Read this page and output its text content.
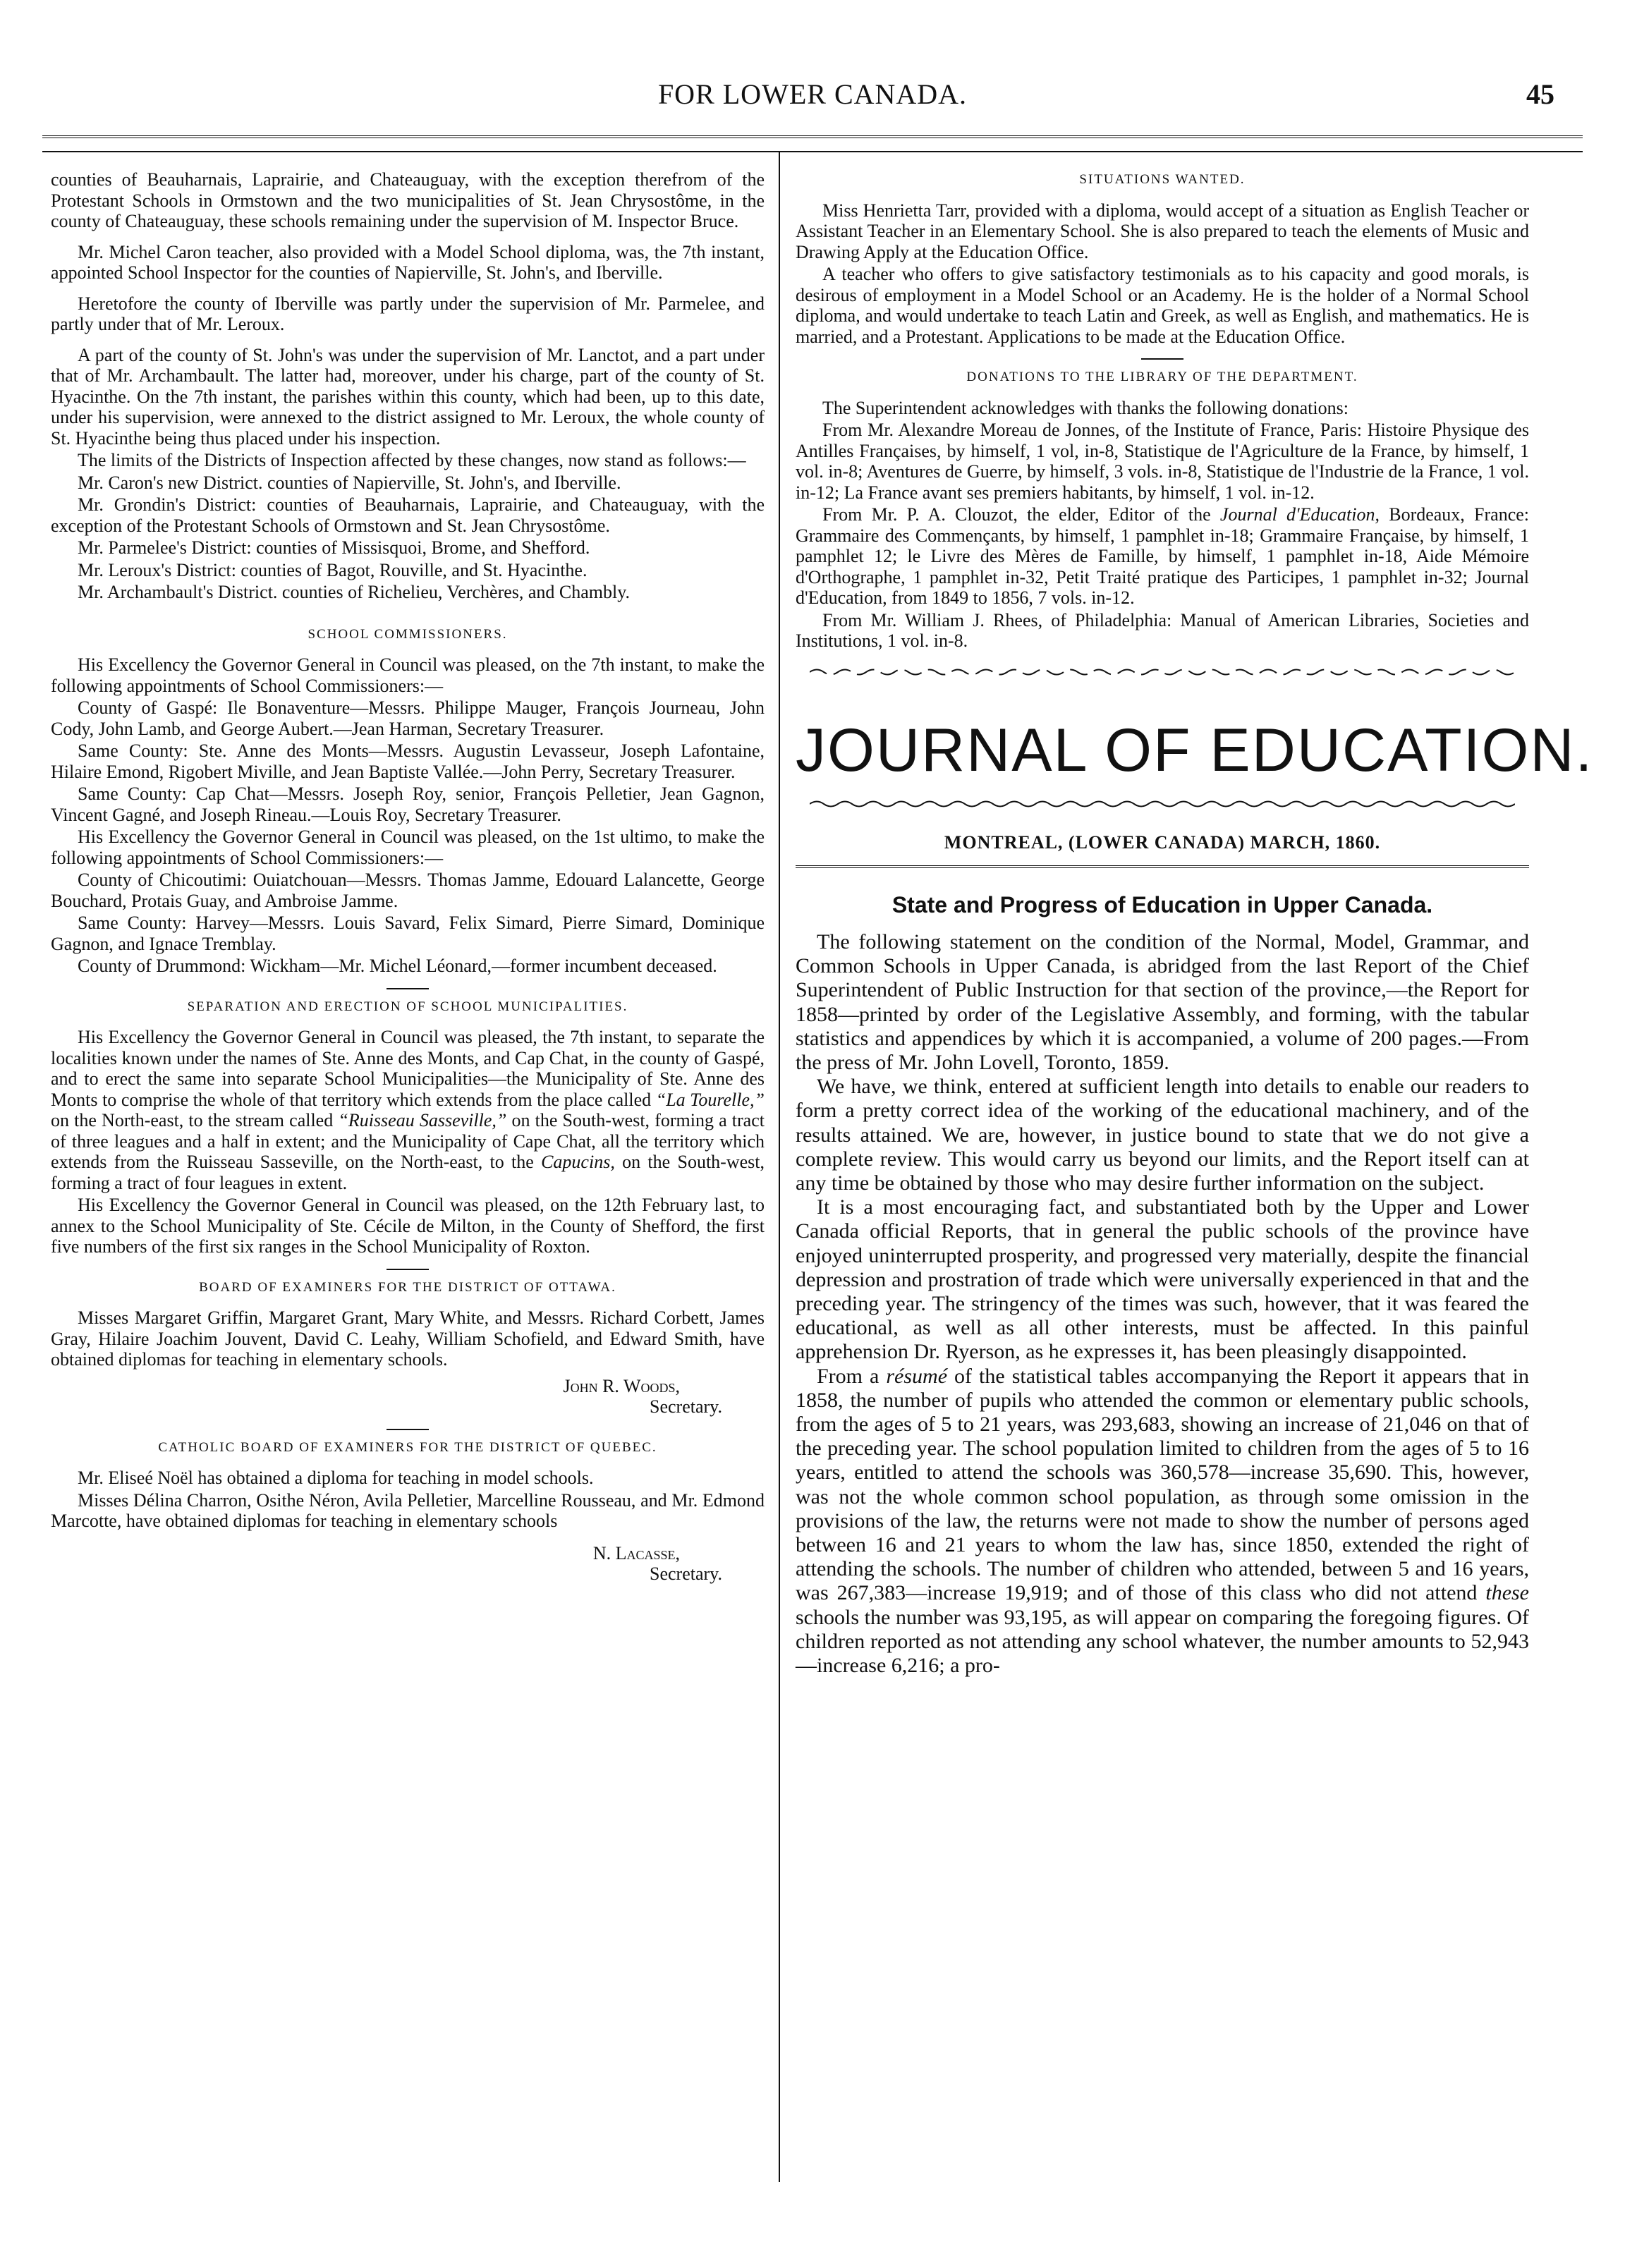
FOR LOWER CANADA.	45

counties of Beauharnais, Laprairie, and Chateauguay, with the exception therefrom of the Protestant Schools in Ormstown and the two municipalities of St. Jean Chrysostôme, in the county of Chateauguay, these schools remaining under the supervision of M. Inspector Bruce.

Mr. Michel Caron teacher, also provided with a Model School diploma, was, the 7th instant, appointed School Inspector for the counties of Napierville, St. John's, and Iberville.

Heretofore the county of Iberville was partly under the supervision of Mr. Parmelee, and partly under that of Mr. Leroux.

A part of the county of St. John's was under the supervision of Mr. Lanctot, and a part under that of Mr. Archambault. The latter had, moreover, under his charge, part of the county of St. Hyacinthe. On the 7th instant, the parishes within this county, which had been, up to this date, under his supervision, were annexed to the district assigned to Mr. Leroux, the whole county of St. Hyacinthe being thus placed under his inspection.

The limits of the Districts of Inspection affected by these changes, now stand as follows:—

Mr. Caron's new District. counties of Napierville, St. John's, and Iberville.

Mr. Grondin's District: counties of Beauharnais, Laprairie, and Chateauguay, with the exception of the Protestant Schools of Ormstown and St. Jean Chrysostôme.

Mr. Parmelee's District: counties of Missisquoi, Brome, and Shefford.

Mr. Leroux's District: counties of Bagot, Rouville, and St. Hyacinthe.

Mr. Archambault's District. counties of Richelieu, Verchères, and Chambly.

SCHOOL COMMISSIONERS.

His Excellency the Governor General in Council was pleased, on the 7th instant, to make the following appointments of School Commissioners:—

County of Gaspé: Ile Bonaventure—Messrs. Philippe Mauger, François Journeau, John Cody, John Lamb, and George Aubert.—Jean Harman, Secretary Treasurer.

Same County: Ste. Anne des Monts—Messrs. Augustin Levasseur, Joseph Lafontaine, Hilaire Emond, Rigobert Miville, and Jean Baptiste Vallée.—John Perry, Secretary Treasurer.

Same County: Cap Chat—Messrs. Joseph Roy, senior, François Pelletier, Jean Gagnon, Vincent Gagné, and Joseph Rineau.—Louis Roy, Secretary Treasurer.

His Excellency the Governor General in Council was pleased, on the 1st ultimo, to make the following appointments of School Commissioners:—

County of Chicoutimi: Ouiatchouan—Messrs. Thomas Jamme, Edouard Lalancette, George Bouchard, Protais Guay, and Ambroise Jamme.

Same County: Harvey—Messrs. Louis Savard, Felix Simard, Pierre Simard, Dominique Gagnon, and Ignace Tremblay.

County of Drummond: Wickham—Mr. Michel Léonard,—former incumbent deceased.

SEPARATION AND ERECTION OF SCHOOL MUNICIPALITIES.

His Excellency the Governor General in Council was pleased, the 7th instant, to separate the localities known under the names of Ste. Anne des Monts, and Cap Chat, in the county of Gaspé, and to erect the same into separate School Municipalities—the Municipality of Ste. Anne des Monts to comprise the whole of that territory which extends from the place called “La Tourelle,” on the North-east, to the stream called “Ruisseau Sasseville,” on the South-west, forming a tract of three leagues and a half in extent; and the Municipality of Cape Chat, all the territory which extends from the Ruisseau Sasseville, on the North-east, to the Capucins, on the South-west, forming a tract of four leagues in extent.

His Excellency the Governor General in Council was pleased, on the 12th February last, to annex to the School Municipality of Ste. Cécile de Milton, in the County of Shefford, the first five numbers of the first six ranges in the School Municipality of Roxton.

BOARD OF EXAMINERS FOR THE DISTRICT OF OTTAWA.

Misses Margaret Griffin, Margaret Grant, Mary White, and Messrs. Richard Corbett, James Gray, Hilaire Joachim Jouvent, David C. Leahy, William Schofield, and Edward Smith, have obtained diplomas for teaching in elementary schools.

John R. Woods,
Secretary.
CATHOLIC BOARD OF EXAMINERS FOR THE DISTRICT OF QUEBEC.

Mr. Eliseé Noël has obtained a diploma for teaching in model schools.

Misses Délina Charron, Osithe Néron, Avila Pelletier, Marcelline Rousseau, and Mr. Edmond Marcotte, have obtained diplomas for teaching in elementary schools

N. Lacasse,
Secretary.
SITUATIONS WANTED.

Miss Henrietta Tarr, provided with a diploma, would accept of a situation as English Teacher or Assistant Teacher in an Elementary School. She is also prepared to teach the elements of Music and Drawing Apply at the Education Office.

A teacher who offers to give satisfactory testimonials as to his capacity and good morals, is desirous of employment in a Model School or an Academy. He is the holder of a Normal School diploma, and would undertake to teach Latin and Greek, as well as English, and mathematics. He is married, and a Protestant. Applications to be made at the Education Office.

DONATIONS TO THE LIBRARY OF THE DEPARTMENT.

The Superintendent acknowledges with thanks the following donations:

From Mr. Alexandre Moreau de Jonnes, of the Institute of France, Paris: Histoire Physique des Antilles Françaises, by himself, 1 vol, in-8, Statistique de l'Agriculture de la France, by himself, 1 vol. in-8; Aventures de Guerre, by himself, 3 vols. in-8, Statistique de l'Industrie de la France, 1 vol. in-12; La France avant ses premiers habitants, by himself, 1 vol. in-12.

From Mr. P. A. Clouzot, the elder, Editor of the Journal d'Education, Bordeaux, France: Grammaire des Commençants, by himself, 1 pamphlet in-18; Grammaire Française, by himself, 1 pamphlet 12; le Livre des Mères de Famille, by himself, 1 pamphlet in-18, Aide Mémoire d'Orthographe, 1 pamphlet in-32, Petit Traité pratique des Participes, 1 pamphlet in-32; Journal d'Education, from 1849 to 1856, 7 vols. in-12.

From Mr. William J. Rhees, of Philadelphia: Manual of American Libraries, Societies and Institutions, 1 vol. in-8.

JOURNAL OF EDUCATION.
MONTREAL, (LOWER CANADA) MARCH, 1860.
State and Progress of Education in Upper Canada.

The following statement on the condition of the Normal, Model, Grammar, and Common Schools in Upper Canada, is abridged from the last Report of the Chief Superintendent of Public Instruction for that section of the province,—the Report for 1858—printed by order of the Legislative Assembly, and forming, with the tabular statistics and appendices by which it is accompanied, a volume of 200 pages.—From the press of Mr. John Lovell, Toronto, 1859.

We have, we think, entered at sufficient length into details to enable our readers to form a pretty correct idea of the working of the educational machinery, and of the results attained. We are, however, in justice bound to state that we do not give a complete review. This would carry us beyond our limits, and the Report itself can at any time be obtained by those who may desire further information on the subject.

It is a most encouraging fact, and substantiated both by the Upper and Lower Canada official Reports, that in general the public schools of the province have enjoyed uninterrupted prosperity, and progressed very materially, despite the financial depression and prostration of trade which were universally experienced in that and the preceding year. The stringency of the times was such, however, that it was feared the educational, as well as all other interests, must be affected. In this painful apprehension Dr. Ryerson, as he expresses it, has been pleasingly disappointed.

From a résumé of the statistical tables accompanying the Report it appears that in 1858, the number of pupils who attended the common or elementary public schools, from the ages of 5 to 21 years, was 293,683, showing an increase of 21,046 on that of the preceding year. The school population limited to children from the ages of 5 to 16 years, entitled to attend the schools was 360,578—increase 35,690. This, however, was not the whole common school population, as through some omission in the provisions of the law, the returns were not made to show the number of persons aged between 16 and 21 years to whom the law has, since 1850, extended the right of attending the schools. The number of children who attended, between 5 and 16 years, was 267,383—increase 19,919; and of those of this class who did not attend these schools the number was 93,195, as will appear on comparing the foregoing figures. Of children reported as not attending any school whatever, the number amounts to 52,943—increase 6,216; a pro-
